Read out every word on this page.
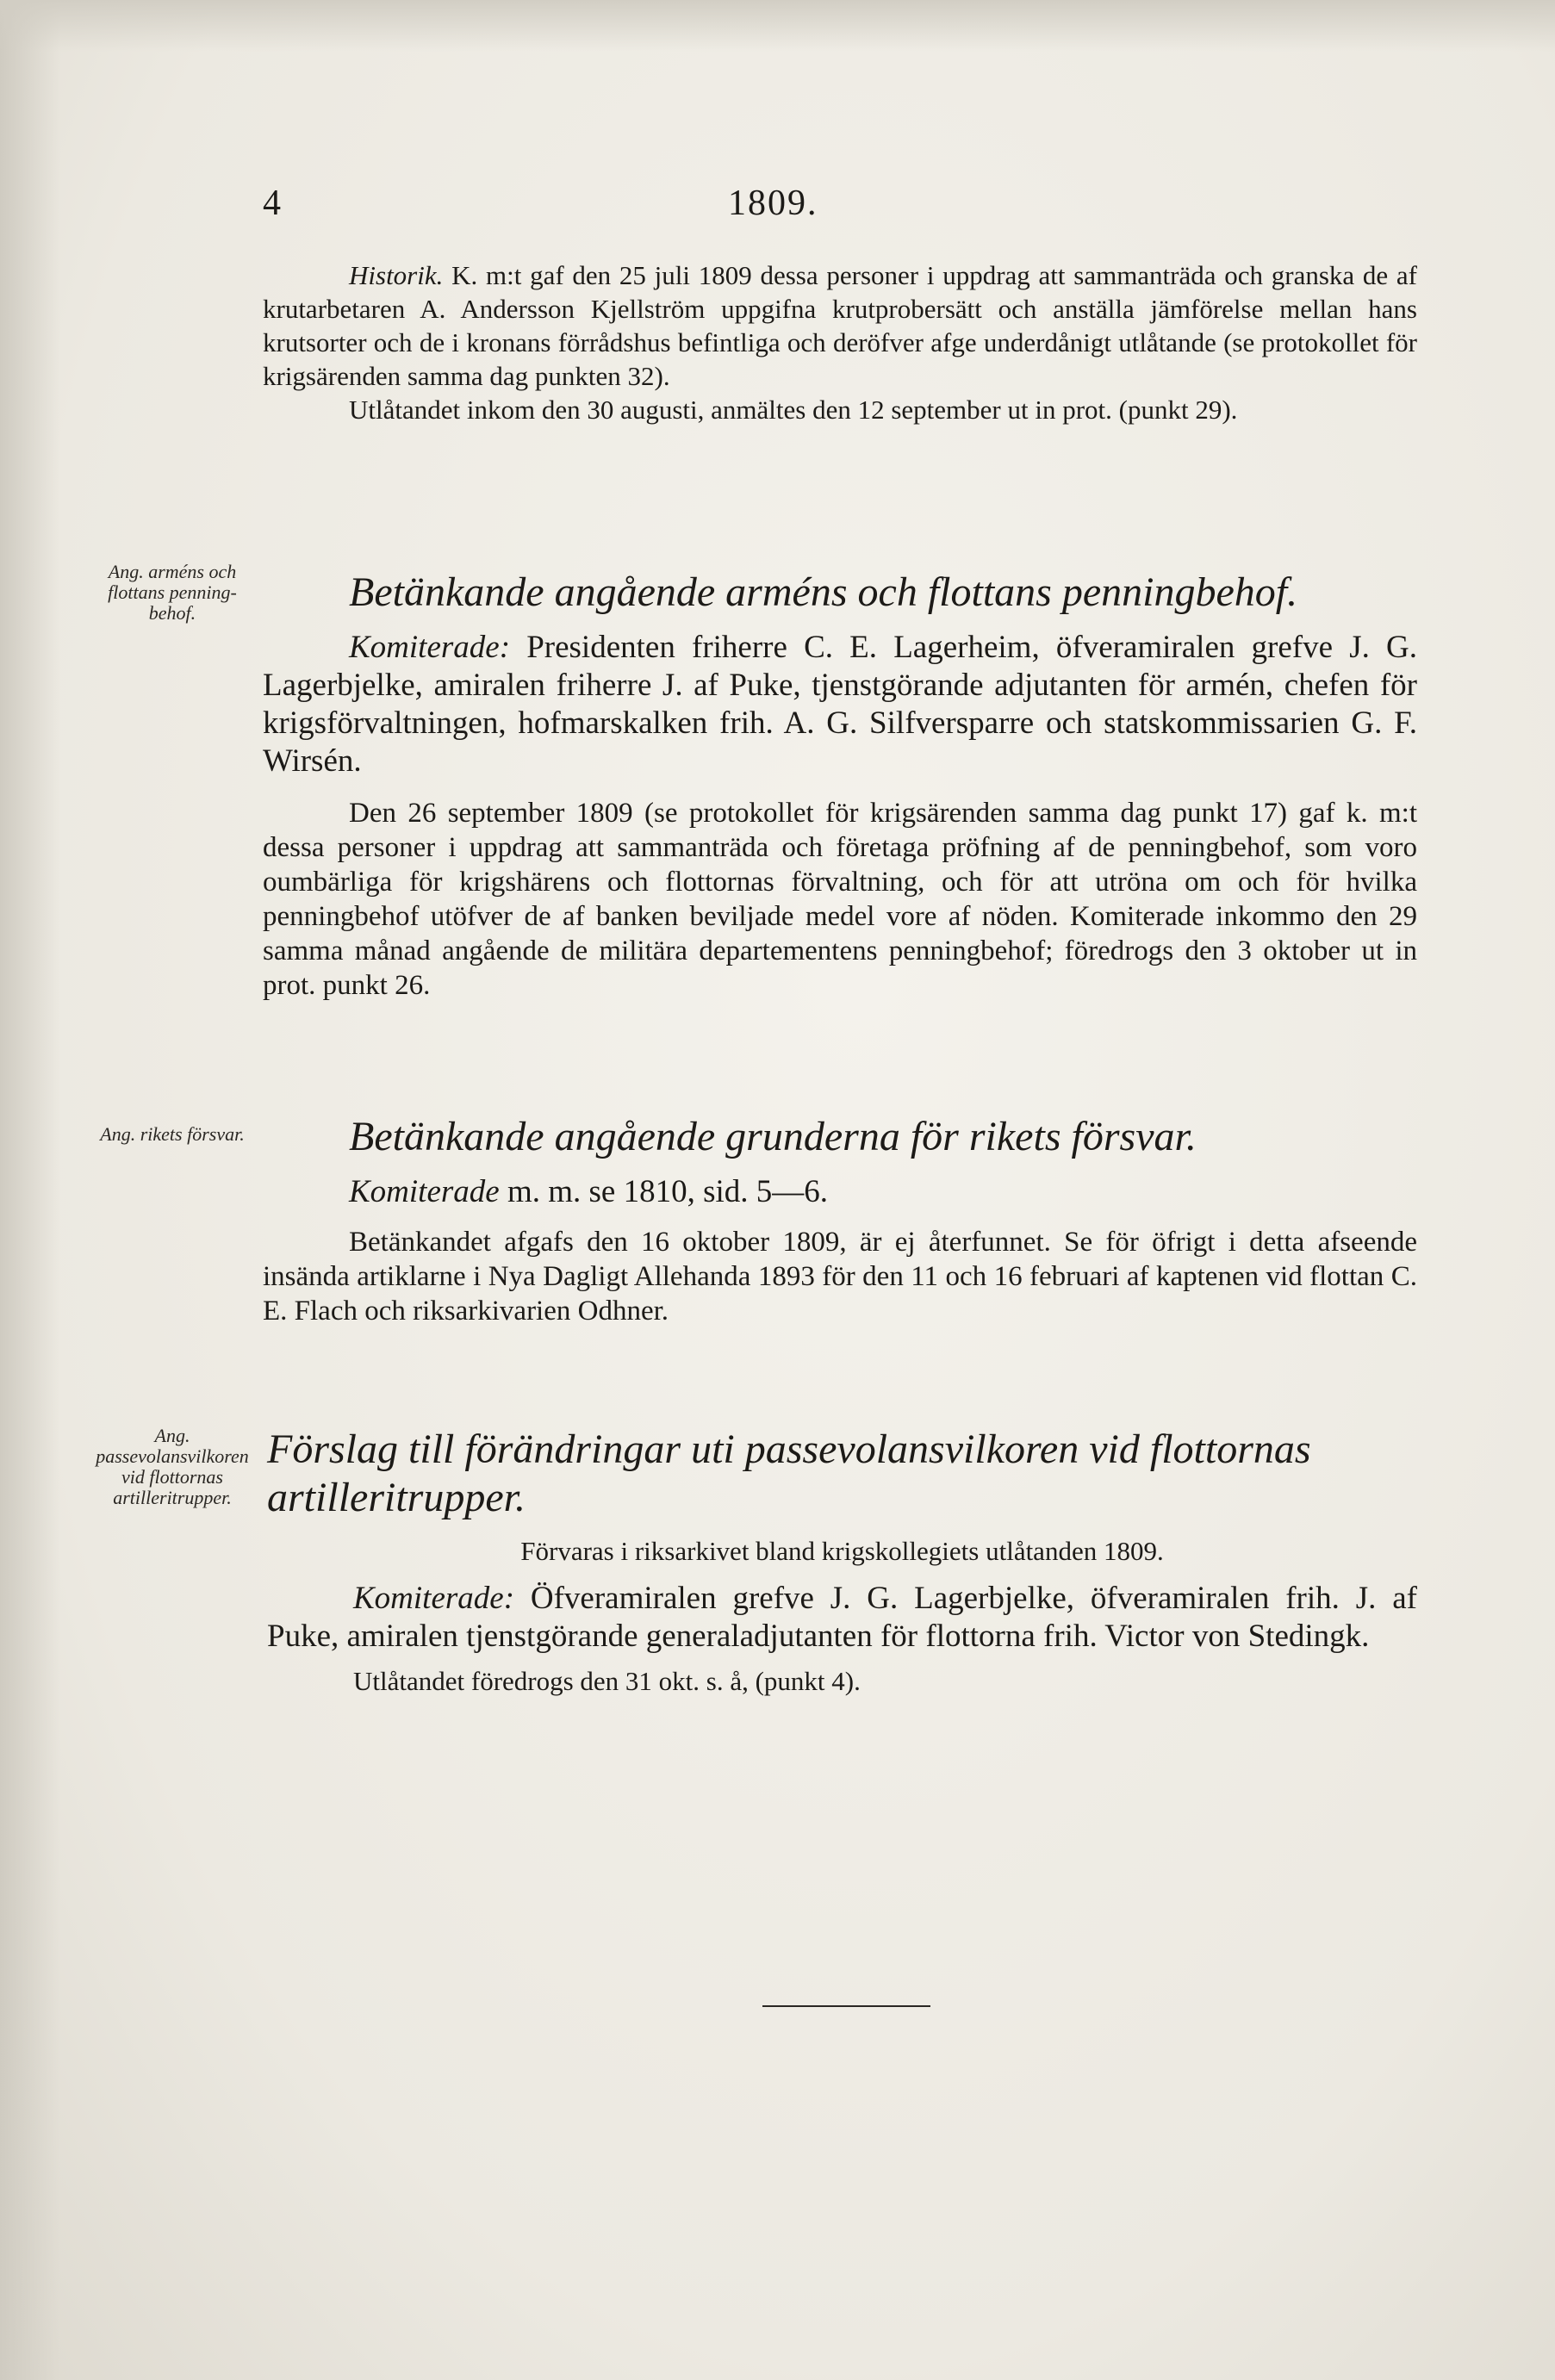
4	1809.

Historik. K. m:t gaf den 25 juli 1809 dessa personer i uppdrag att sammanträda och granska de af krutarbetaren A. Andersson Kjellström uppgifna krutprobersätt och anställa jämförelse mellan hans krutsorter och de i kronans förrådshus befintliga och deröfver afge underdånigt utlåtande (se protokollet för krigsärenden samma dag punkten 32).

Utlåtandet inkom den 30 augusti, anmältes den 12 september ut in prot. (punkt 29).

Ang. arméns och flottans penning-behof.	Betänkande angående arméns och flottans penningbehof.

Komiterade: Presidenten friherre C. E. Lagerheim, öfveramiralen grefve J. G. Lagerbjelke, amiralen friherre J. af Puke, tjenstgörande adjutanten för armén, chefen för krigsförvaltningen, hofmarskalken frih. A. G. Silfversparre och statskommissarien G. F. Wirsén.

Den 26 september 1809 (se protokollet för krigsärenden samma dag punkt 17) gaf k. m:t dessa personer i uppdrag att sammanträda och företaga pröfning af de penningbehof, som voro oumbärliga för krigshärens och flottornas förvaltning, och för att utröna om och för hvilka penningbehof utöfver de af banken beviljade medel vore af nöden. Komiterade inkommo den 29 samma månad angående de militära departementens penningbehof; föredrogs den 3 oktober ut in prot. punkt 26.

Ang. rikets försvar.	Betänkande angående grunderna för rikets försvar.

Komiterade m. m. se 1810, sid. 5—6.

Betänkandet afgafs den 16 oktober 1809, är ej återfunnet. Se för öfrigt i detta afseende insända artiklarne i Nya Dagligt Allehanda 1893 för den 11 och 16 februari af kaptenen vid flottan C. E. Flach och riksarkivarien Odhner.

Ang. passevolansvilkoren vid flottornas artilleritrupper.

Förslag till förändringar uti passevolansvilkoren vid flottornas artilleritrupper.

Förvaras i riksarkivet bland krigskollegiets utlåtanden 1809.

Komiterade: Öfveramiralen grefve J. G. Lagerbjelke, öfveramiralen frih. J. af Puke, amiralen tjenstgörande generaladjutanten för flottorna frih. Victor von Stedingk.

Utlåtandet föredrogs den 31 okt. s. å, (punkt 4).
